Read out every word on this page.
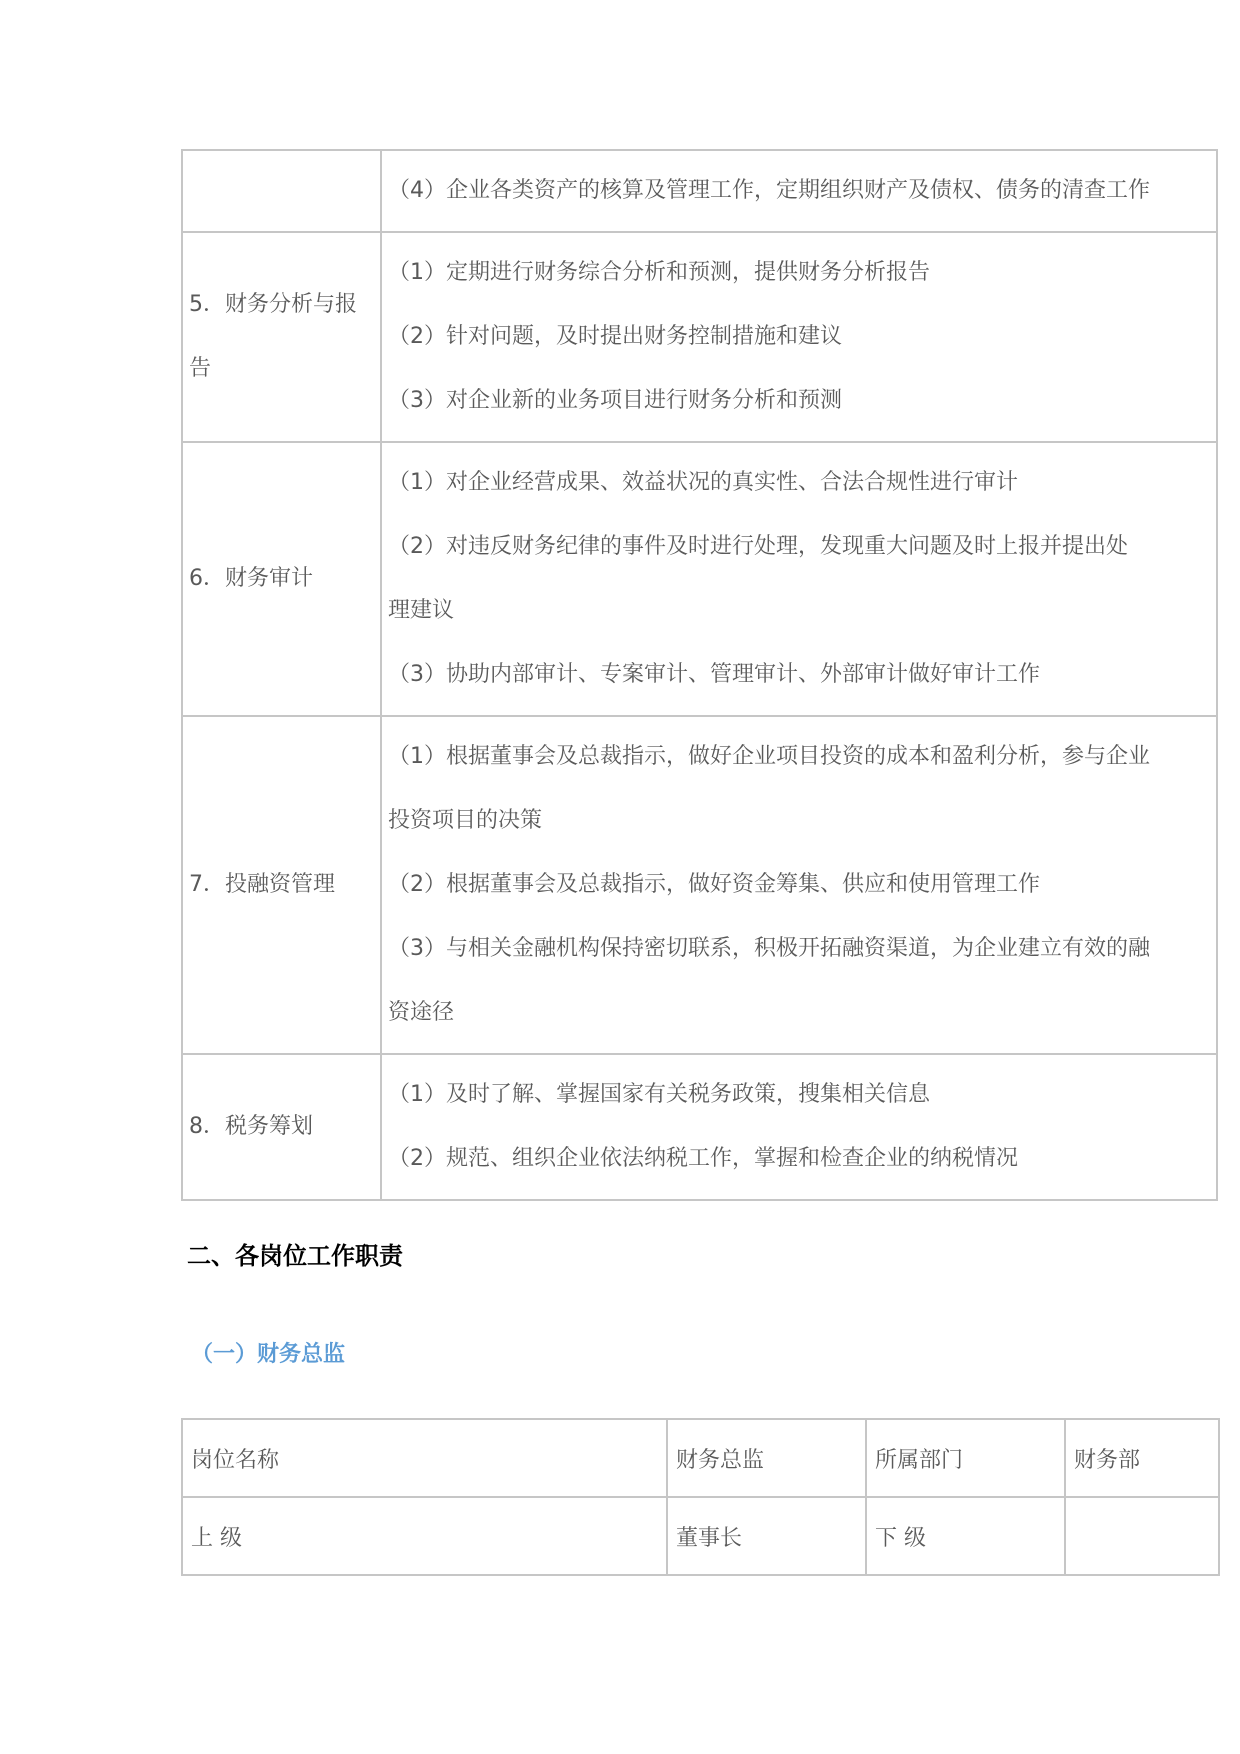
	（4）企业各类资产的核算及管理工作，定期组织财产及债权、债务的清查工作

5．财务分析与报告	（1）定期进行财务综合分析和预测，提供财务分析报告
（2）针对问题，及时提出财务控制措施和建议
（3）对企业新的业务项目进行财务分析和预测

6．财务审计	（1）对企业经营成果、效益状况的真实性、合法合规性进行审计
（2）对违反财务纪律的事件及时进行处理，发现重大问题及时上报并提出处
理建议
（3）协助内部审计、专案审计、管理审计、外部审计做好审计工作

7．投融资管理	（1）根据董事会及总裁指示，做好企业项目投资的成本和盈利分析，参与企业
投资项目的决策
（2）根据董事会及总裁指示，做好资金筹集、供应和使用管理工作
（3）与相关金融机构保持密切联系，积极开拓融资渠道，为企业建立有效的融
资途径

8．税务筹划	（1）及时了解、掌握国家有关税务政策，搜集相关信息
（2）规范、组织企业依法纳税工作，掌握和检查企业的纳税情况
二、各岗位工作职责
（一）财务总监
岗位名称	财务总监	所属部门	财务部
上 级	董事长	下 级	
